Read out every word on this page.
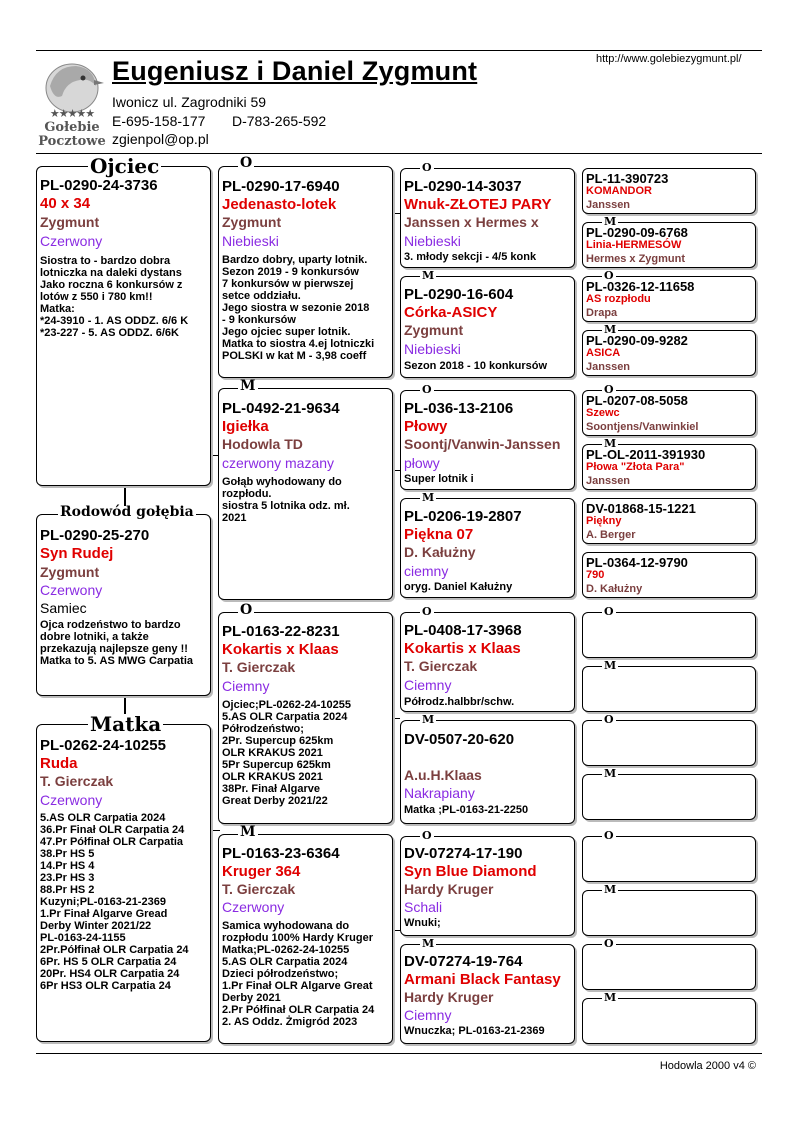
★★★★★
Gołebie
Pocztowe
Eugeniusz i Daniel Zygmunt	http://www.golebiezygmunt.pl/
Iwonicz ul. Zagrodniki 59
E-695-158-177 D-783-265-592
zgienpol@op.pl
Ojciec
PL-0290-24-3736
40 x 34
Zygmunt
Czerwony
Siostra to - bardzo dobra
lotniczka na daleki dystans
Jako roczna 6 konkursów z
lotów z 550 i 780 km!!
Matka:
*24-3910 - 1. AS ODDZ. 6/6 K
*23-227 - 5. AS ODDZ. 6/6K
Rodowód gołębia
PL-0290-25-270
Syn Rudej
Zygmunt
Czerwony
Samiec
Ojca rodzeństwo to bardzo
dobre lotniki, a także
przekazują najlepsze geny !!
Matka to 5. AS MWG Carpatia
Matka
PL-0262-24-10255
Ruda
T. Gierczak
Czerwony
5.AS OLR Carpatia 2024
36.Pr Finał OLR Carpatia 24
47.Pr Półfinał OLR Carpatia
38.Pr HS 5
14.Pr HS 4
23.Pr HS 3
88.Pr HS 2
Kuzyni;PL-0163-21-2369
1.Pr Finał Algarve Gread
Derby Winter 2021/22
PL-0163-24-1155
2Pr.Półfinał OLR Carpatia 24
6Pr. HS 5 OLR Carpatia 24
20Pr. HS4 OLR Carpatia 24
6Pr HS3 OLR Carpatia 24
O
PL-0290-17-6940
Jedenasto-lotek
Zygmunt
Niebieski
Bardzo dobry, uparty lotnik.
Sezon 2019 - 9 konkursów
7 konkursów w pierwszej
setce oddziału.
Jego siostra w sezonie 2018
- 9 konkursów
Jego ojciec super lotnik.
Matka to siostra 4.ej lotniczki
POLSKI w kat M - 3,98 coeff
M
PL-0492-21-9634
Igiełka
Hodowla TD
czerwony mazany
Gołąb wyhodowany do
rozpłodu.
siostra 5 lotnika odz. mł.
2021
O
PL-0163-22-8231
Kokartis x Klaas
T. Gierczak
Ciemny
Ojciec;PL-0262-24-10255
5.AS OLR Carpatia 2024
Półrodzeństwo;
2Pr. Supercup 625km
OLR KRAKUS 2021
5Pr Supercup 625km
OLR KRAKUS 2021
38Pr. Finał Algarve
Great Derby 2021/22
M
PL-0163-23-6364
Kruger 364
T. Gierczak
Czerwony
Samica wyhodowana do
rozpłodu 100% Hardy Kruger
Matka;PL-0262-24-10255
5.AS OLR Carpatia 2024
Dzieci półrodzeństwo;
1.Pr Finał OLR Algarve Great
Derby 2021
2.Pr Półfinał OLR Carpatia 24
2. AS Oddz. Żmigród 2023
O
PL-0290-14-3037
Wnuk-ZŁOTEJ PARY
Janssen x Hermes x
Niebieski
3. młody sekcji - 4/5 konk
M
PL-0290-16-604
Córka-ASICY
Zygmunt
Niebieski
Sezon 2018 - 10 konkursów
O
PL-036-13-2106
Płowy
Soontj/Vanwin-Janssen
płowy
Super lotnik i
M
PL-0206-19-2807
Piękna 07
D. Kałużny
ciemny
oryg. Daniel Kałużny
O
PL-0408-17-3968
Kokartis x Klaas
T. Gierczak
Ciemny
Półrodz.halbbr/schw.
M
DV-0507-20-620
A.u.H.Klaas
Nakrapiany
Matka ;PL-0163-21-2250
O
DV-07274-17-190
Syn Blue Diamond
Hardy Kruger
Schali
Wnuki;
M
DV-07274-19-764
Armani Black Fantasy
Hardy Kruger
Ciemny
Wnuczka; PL-0163-21-2369
PL-11-390723
KOMANDOR
Janssen
M
PL-0290-09-6768
Linia-HERMESÓW
Hermes x Zygmunt
O
PL-0326-12-11658
AS rozpłodu
Drapa
M
PL-0290-09-9282
ASICA
Janssen
O
PL-0207-08-5058
Szewc
Soontjens/Vanwinkiel
M
PL-OL-2011-391930
Płowa "Złota Para"
Janssen
DV-01868-15-1221
Piękny
A. Berger
PL-0364-12-9790
790
D. Kałużny
O
M
O
M
O
M
O
M
Hodowla 2000 v4 ©
